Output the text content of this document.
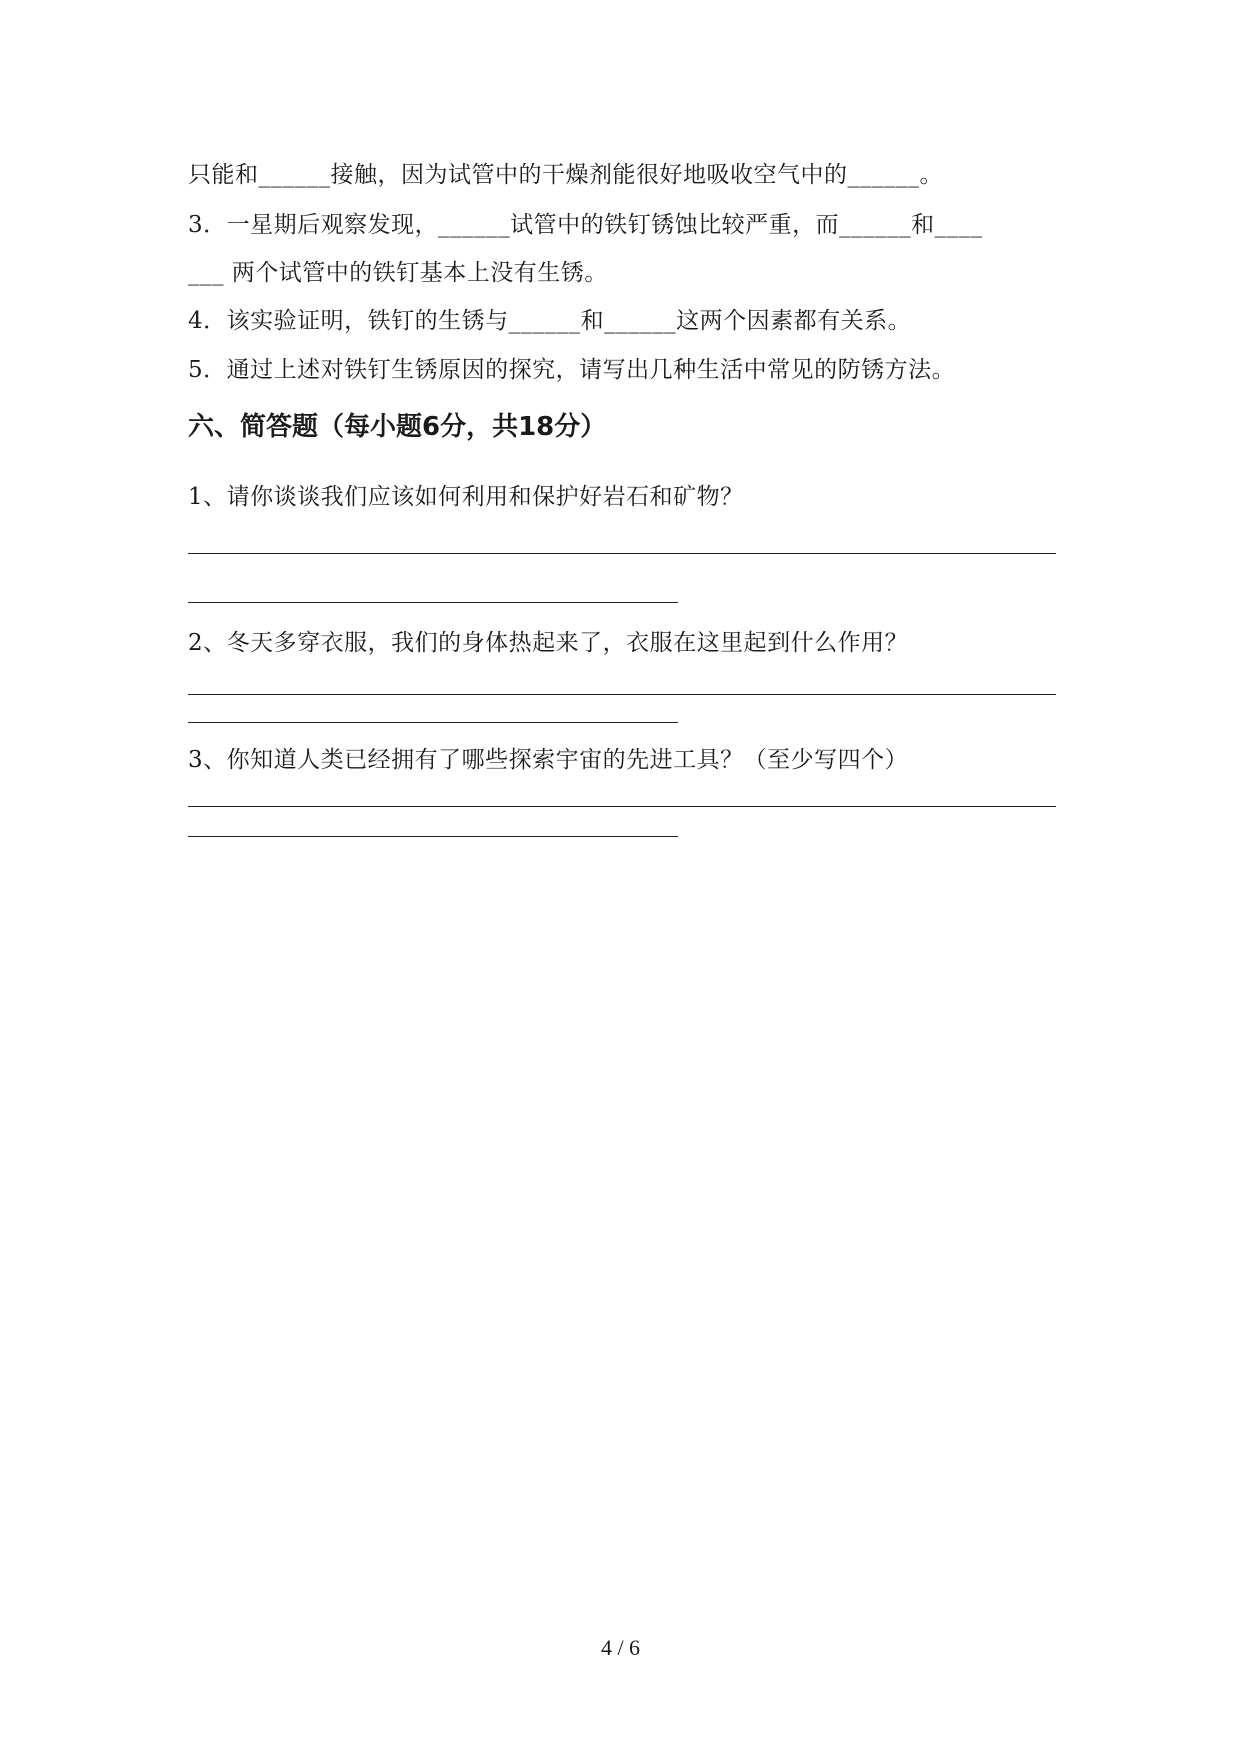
只能和______接触，因为试管中的干燥剂能很好地吸收空气中的______。
3．一星期后观察发现，______试管中的铁钉锈蚀比较严重，而______和____
___ 两个试管中的铁钉基本上没有生锈。
4．该实验证明，铁钉的生锈与______和______这两个因素都有关系。
5．通过上述对铁钉生锈原因的探究，请写出几种生活中常见的防锈方法。
六、简答题（每小题6分，共18分）
1、请你谈谈我们应该如何利用和保护好岩石和矿物？
2、冬天多穿衣服，我们的身体热起来了，衣服在这里起到什么作用？
3、你知道人类已经拥有了哪些探索宇宙的先进工具？（至少写四个）
4 / 6
